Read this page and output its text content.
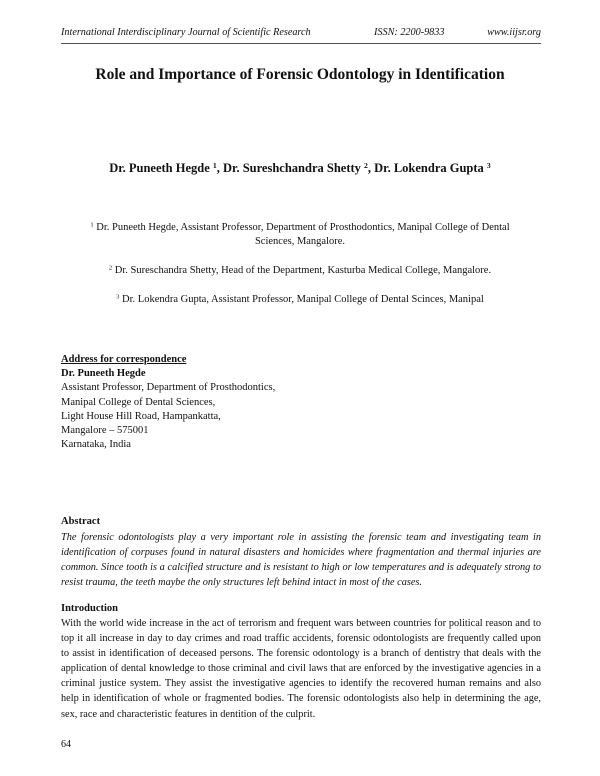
International Interdisciplinary Journal of Scientific Research	ISSN: 2200-9833	www.iijsr.org
Role and Importance of Forensic Odontology in Identification
Dr. Puneeth Hegde $^1$, Dr. Sureshchandra Shetty $^2$, Dr. Lokendra Gupta $^3$
$^1$ Dr. Puneeth Hegde, Assistant Professor, Department of Prosthodontics, Manipal College of Dental Sciences, Mangalore.
$^2$ Dr. Sureschandra Shetty, Head of the Department, Kasturba Medical College, Mangalore.
$^3$ Dr. Lokendra Gupta, Assistant Professor, Manipal College of Dental Scinces, Manipal
Address for correspondence
Dr. Puneeth Hegde
Assistant Professor, Department of Prosthodontics,
Manipal College of Dental Sciences,
Light House Hill Road, Hampankatta,
Mangalore – 575001
Karnataka, India
Abstract
The forensic odontologists play a very important role in assisting the forensic team and investigating team in identification of corpuses found in natural disasters and homicides where fragmentation and thermal injuries are common. Since tooth is a calcified structure and is resistant to high or low temperatures and is adequately strong to resist trauma, the teeth maybe the only structures left behind intact in most of the cases.
Introduction
With the world wide increase in the act of terrorism and frequent wars between countries for political reason and to top it all increase in day to day crimes and road traffic accidents, forensic odontologists are frequently called upon to assist in identification of deceased persons. The forensic odontology is a branch of dentistry that deals with the application of dental knowledge to those criminal and civil laws that are enforced by the investigative agencies in a criminal justice system. They assist the investigative agencies to identify the recovered human remains and also help in identification of whole or fragmented bodies. The forensic odontologists also help in determining the age, sex, race and characteristic features in dentition of the culprit.
64
